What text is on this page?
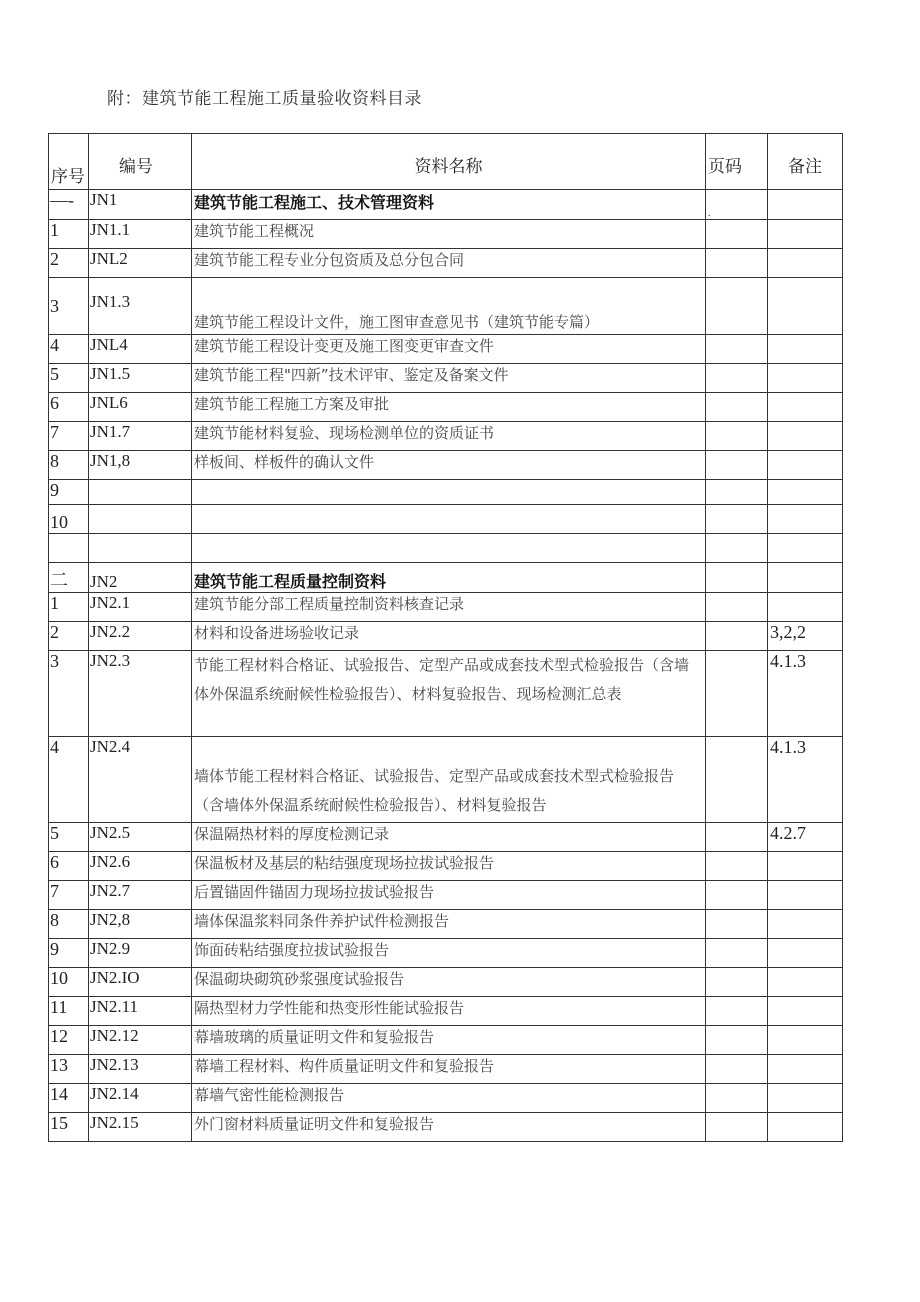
附：建筑节能工程施工质量验收资料目录
序号	编号	资料名称	页码	备注
—-	JN1	建筑节能工程施工、技术管理资料	.	
1	JN1.1	建筑节能工程概况		
2	JNL2	建筑节能工程专业分包资质及总分包合同		
3	JN1.3	建筑节能工程设计文件，施工图审查意见书（建筑节能专篇）		
4	JNL4	建筑节能工程设计变更及施工图变更审查文件		
5	JN1.5	建筑节能工程"四新”技术评审、鉴定及备案文件		
6	JNL6	建筑节能工程施工方案及审批		
7	JN1.7	建筑节能材料复验、现场检测单位的资质证书		
8	JN1,8	样板间、样板件的确认文件		
9				
10				

二	JN2	建筑节能工程质量控制资料		
1	JN2.1	建筑节能分部工程质量控制资料核查记录		
2	JN2.2	材料和设备进场验收记录		3,2,2
3	JN2.3	节能工程材料合格证、试验报告、定型产品或成套技术型式检验报告（含墙体外保温系统耐候性检验报告）、材料复验报告、现场检测汇总表		4.1.3
4	JN2.4	墙体节能工程材料合格证、试验报告、定型产品或成套技术型式检验报告（含墙体外保温系统耐候性检验报告）、材料复验报告		4.1.3
5	JN2.5	保温隔热材料的厚度检测记录		4.2.7
6	JN2.6	保温板材及基层的粘结强度现场拉拔试验报告		
7	JN2.7	后置锚固件锚固力现场拉拔试验报告		
8	JN2,8	墙体保温浆料同条件养护试件检测报告		
9	JN2.9	饰面砖粘结强度拉拔试验报告		
10	JN2.IO	保温砌块砌筑砂浆强度试验报告		
11	JN2.11	隔热型材力学性能和热变形性能试验报告		
12	JN2.12	幕墙玻璃的质量证明文件和复验报告		
13	JN2.13	幕墙工程材料、构件质量证明文件和复验报告		
14	JN2.14	幕墙气密性能检测报告		
15	JN2.15	外门窗材料质量证明文件和复验报告		
